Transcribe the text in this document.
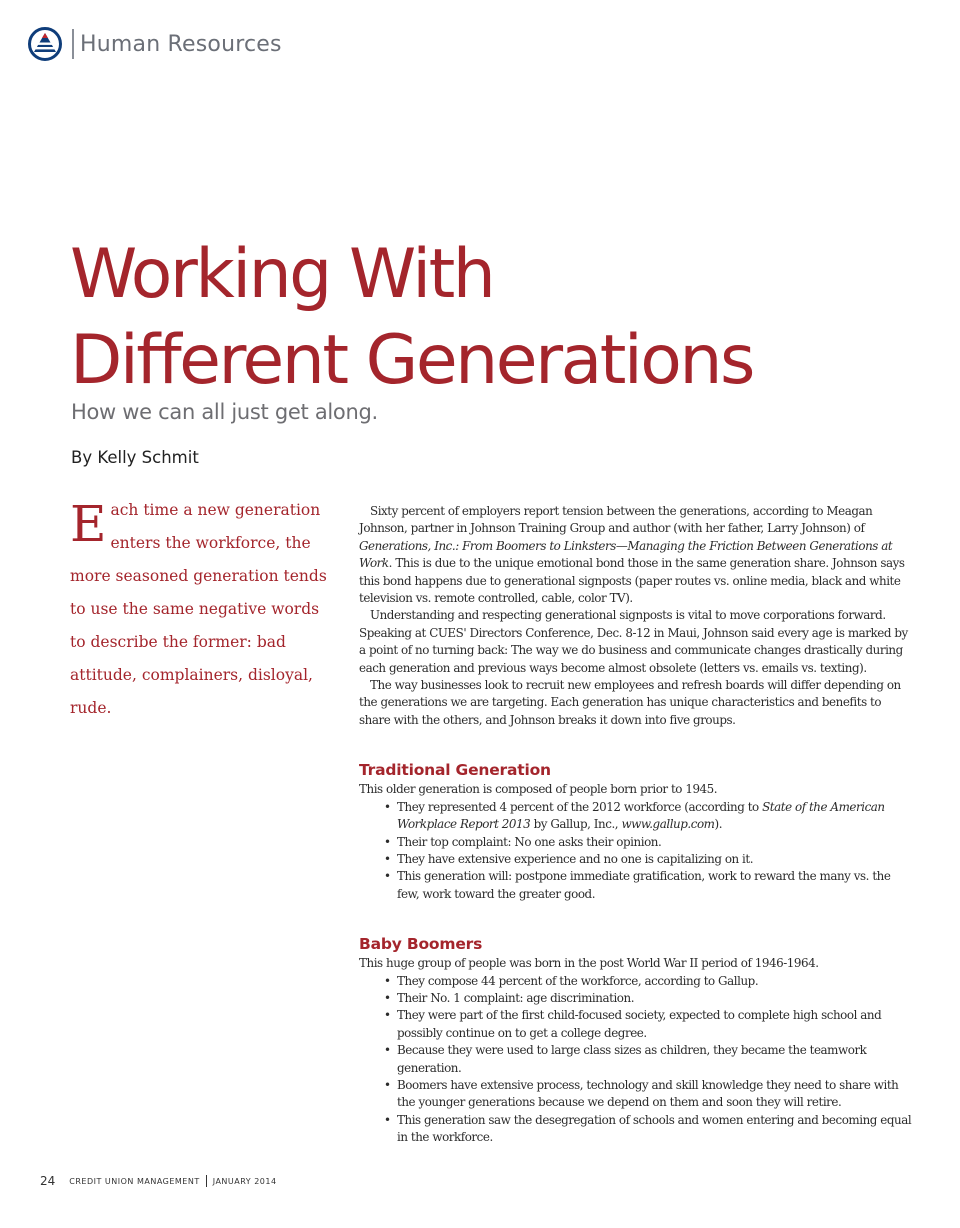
Human Resources
Working With
Different Generations
How we can all just get along.
By Kelly Schmit

Each time a new generation enters the workforce, the more seasoned generation tends to use the same negative words to describe the former: bad attitude, complainers, disloyal, rude.

Sixty percent of employers report tension between the generations, according to Meagan Johnson, partner in Johnson Training Group and author (with her father, Larry Johnson) of Generations, Inc.: From Boomers to Linksters—Managing the Friction Between Generations at Work. This is due to the unique emotional bond those in the same generation share. Johnson says this bond happens due to generational signposts (paper routes vs. online media, black and white television vs. remote controlled, cable, color TV).

Understanding and respecting generational signposts is vital to move corporations forward. Speaking at CUES' Directors Conference, Dec. 8-12 in Maui, Johnson said every age is marked by a point of no turning back: The way we do business and communicate changes drastically during each generation and previous ways become almost obsolete (letters vs. emails vs. texting).

The way businesses look to recruit new employees and refresh boards will differ depending on the generations we are targeting. Each generation has unique characteristics and benefits to share with the others, and Johnson breaks it down into five groups.

Traditional Generation
This older generation is composed of people born prior to 1945.
• They represented 4 percent of the 2012 workforce (according to State of the American Workplace Report 2013 by Gallup, Inc., www.gallup.com).
• Their top complaint: No one asks their opinion.
• They have extensive experience and no one is capitalizing on it.
• This generation will: postpone immediate gratification, work to reward the many vs. the few, work toward the greater good.
Baby Boomers
This huge group of people was born in the post World War II period of 1946-1964.
• They compose 44 percent of the workforce, according to Gallup.
• Their No. 1 complaint: age discrimination.
• They were part of the first child-focused society, expected to complete high school and possibly continue on to get a college degree.
• Because they were used to large class sizes as children, they became the teamwork generation.
• Boomers have extensive process, technology and skill knowledge they need to share with the younger generations because we depend on them and soon they will retire.
• This generation saw the desegregation of schools and women entering and becoming equal in the workforce.
24 CREDIT UNION MANAGEMENT JANUARY 2014
